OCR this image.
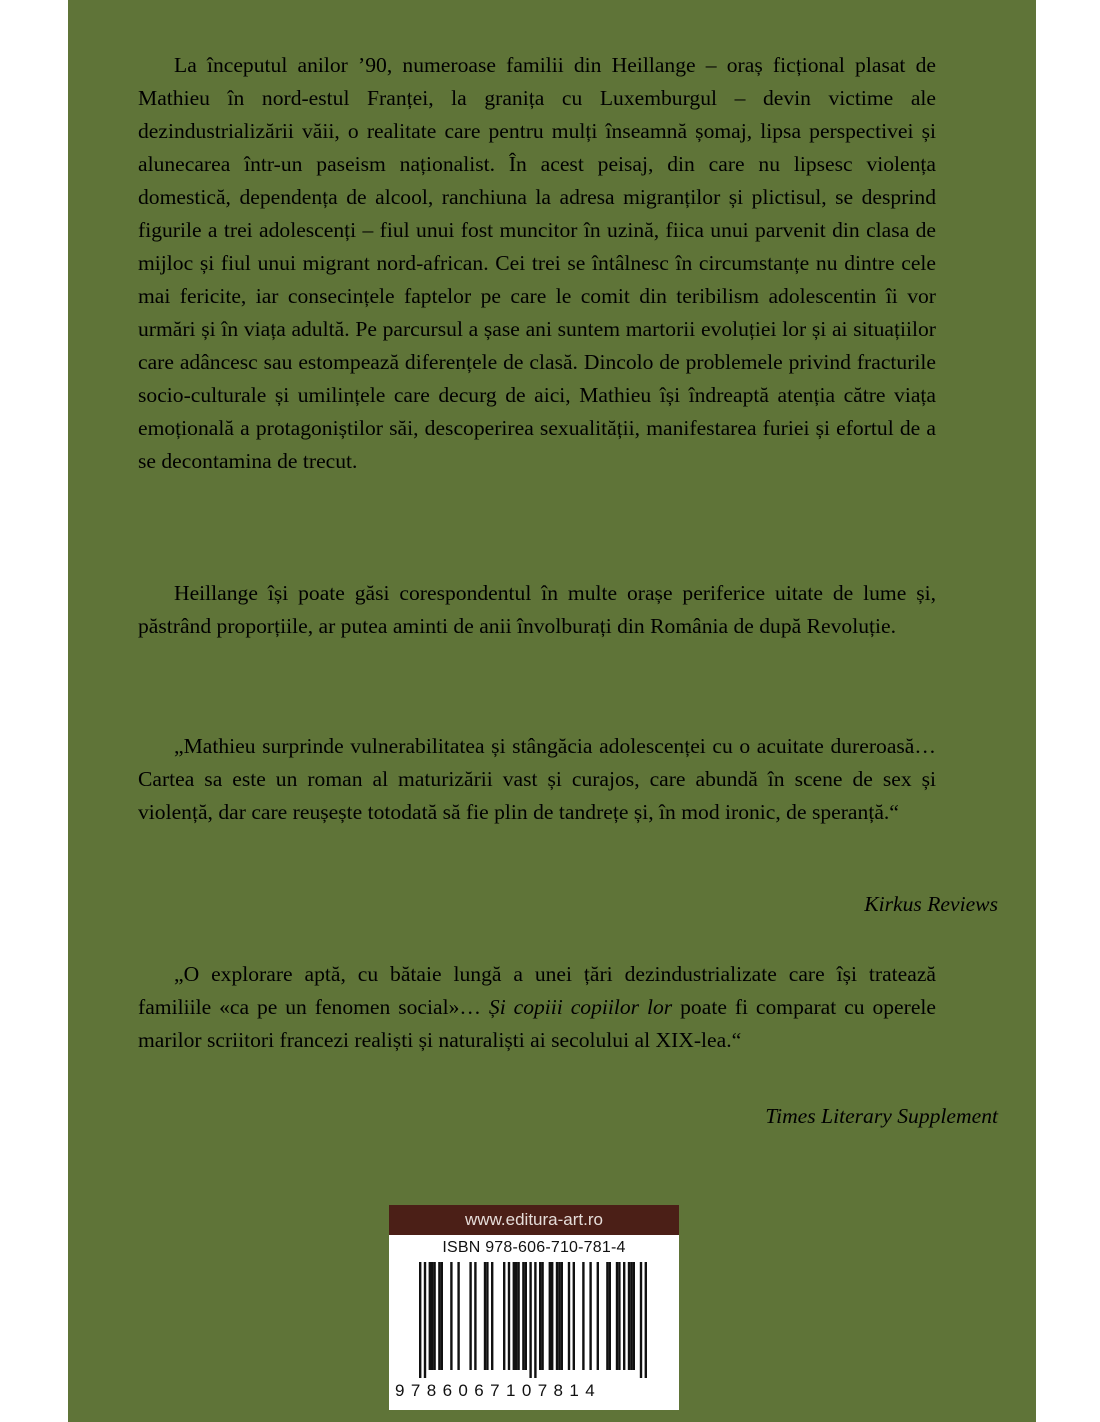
La începutul anilor ’90, numeroase familii din Heillange – oraș ficțional plasat de Mathieu în nord-estul Franței, la granița cu Luxemburgul – devin victime ale dezindustrializării văii, o realitate care pentru mulți înseamnă șomaj, lipsa perspectivei și alunecarea într-un paseism naționalist. În acest peisaj, din care nu lipsesc violența domestică, dependența de alcool, ranchiuna la adresa migranților și plictisul, se desprind figurile a trei adolescenți – fiul unui fost muncitor în uzină, fiica unui parvenit din clasa de mijloc și fiul unui migrant nord-african. Cei trei se întâlnesc în circumstanțe nu dintre cele mai fericite, iar consecințele faptelor pe care le comit din teribilism adolescentin îi vor urmări și în viața adultă. Pe parcursul a șase ani suntem martorii evoluției lor și ai situațiilor care adâncesc sau estompează diferențele de clasă. Dincolo de problemele privind fracturile socio-culturale și umilințele care decurg de aici, Mathieu își îndreaptă atenția către viața emoțională a protagoniștilor săi, descoperirea sexualității, manifestarea furiei și efortul de a se decontamina de trecut.

Heillange își poate găsi corespondentul în multe orașe periferice uitate de lume și, păstrând proporțiile, ar putea aminti de anii învolburați din România de după Revoluție.

„Mathieu surprinde vulnerabilitatea și stângăcia adolescenței cu o acuitate dureroasă… Cartea sa este un roman al maturizării vast și curajos, care abundă în scene de sex și violență, dar care reușește totodată să fie plin de tandrețe și, în mod ironic, de speranță.“

Kirkus Reviews

„O explorare aptă, cu bătaie lungă a unei țări dezindustrializate care își tratează familiile «ca pe un fenomen social»… Și copiii copiilor lor poate fi comparat cu operele marilor scriitori francezi realiști și naturaliști ai secolului al XIX-lea.“

Times Literary Supplement

www.editura-art.ro
ISBN 978-606-710-781-4
9786067107814
